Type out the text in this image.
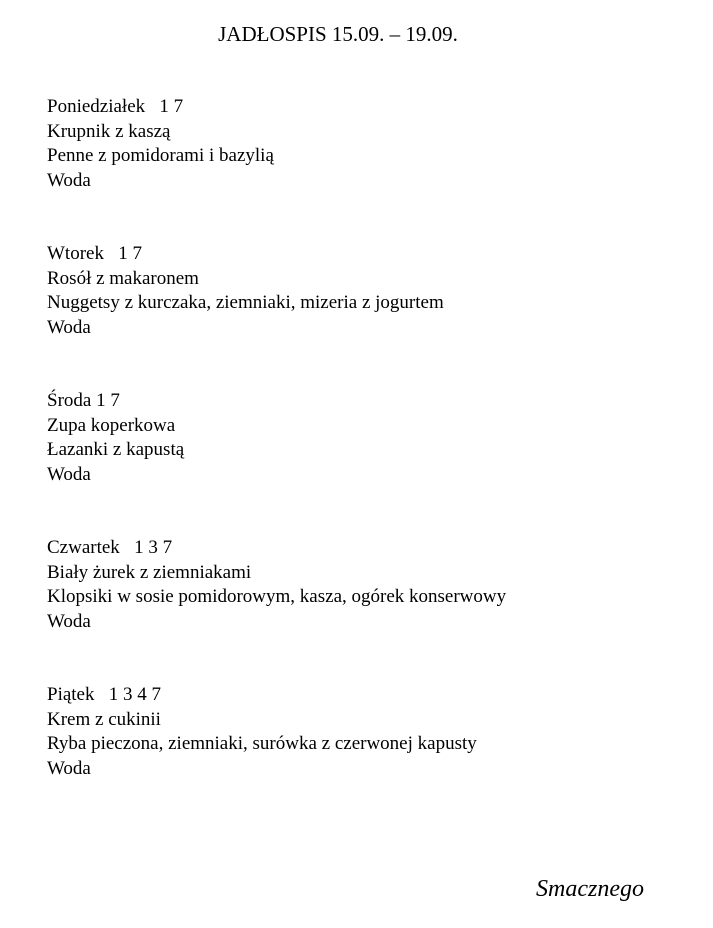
JADŁOSPIS 15.09. – 19.09.
Poniedziałek 1 7
Krupnik z kaszą
Penne z pomidorami i bazylią
Woda
Wtorek 1 7
Rosół z makaronem
Nuggetsy z kurczaka, ziemniaki, mizeria z jogurtem
Woda
Środa 1 7
Zupa koperkowa
Łazanki z kapustą
Woda
Czwartek 1 3 7
Biały żurek z ziemniakami
Klopsiki w sosie pomidorowym, kasza, ogórek konserwowy
Woda
Piątek 1 3 4 7
Krem z cukinii
Ryba pieczona, ziemniaki, surówka z czerwonej kapusty
Woda
Smacznego
